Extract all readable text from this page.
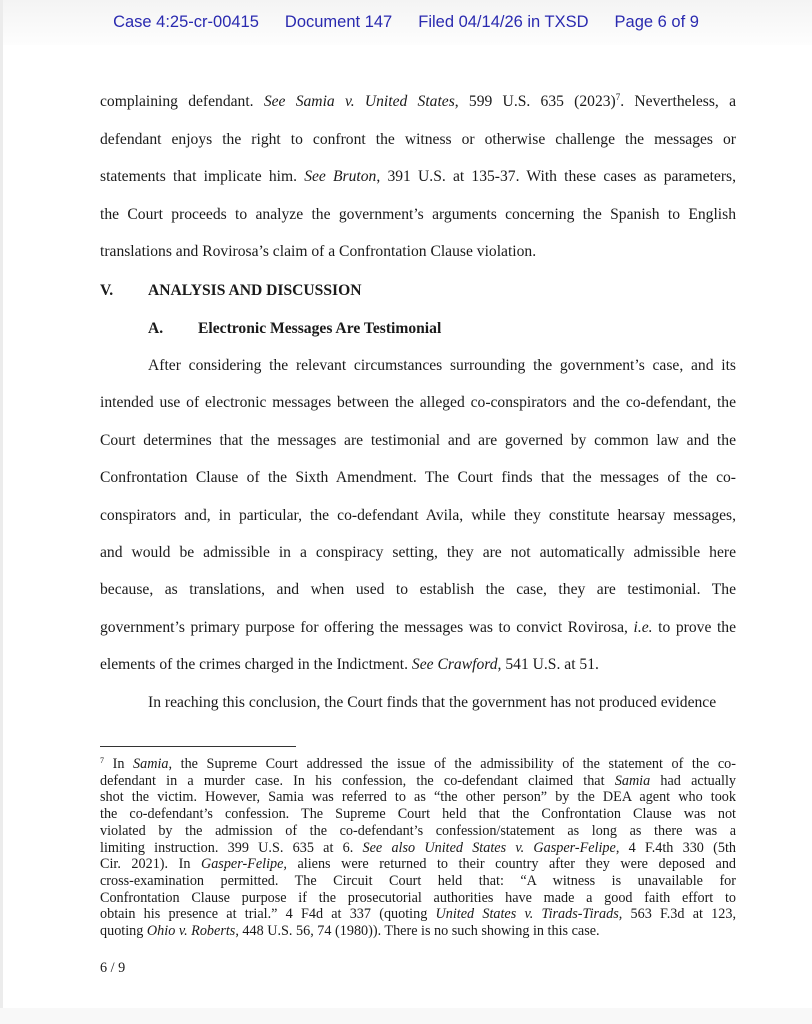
Case 4:25-cr-00415 Document 147 Filed 04/14/26 in TXSD Page 6 of 9
complaining defendant. See Samia v. United States, 599 U.S. 635 $(2023)^7$. Nevertheless, a
defendant enjoys the right to confront the witness or otherwise challenge the messages or
statements that implicate him. See Bruton, 391 U.S. at 135-37. With these cases as parameters,
the Court proceeds to analyze the government’s arguments concerning the Spanish to English
translations and Rovirosa’s claim of a Confrontation Clause violation.
V. ANALYSIS AND DISCUSSION
A. Electronic Messages Are Testimonial
After considering the relevant circumstances surrounding the government’s case, and its
intended use of electronic messages between the alleged co-conspirators and the co-defendant, the
Court determines that the messages are testimonial and are governed by common law and the
Confrontation Clause of the Sixth Amendment. The Court finds that the messages of the co-
conspirators and, in particular, the co-defendant Avila, while they constitute hearsay messages,
and would be admissible in a conspiracy setting, they are not automatically admissible here
because, as translations, and when used to establish the case, they are testimonial. The
government’s primary purpose for offering the messages was to convict Rovirosa, i.e. to prove the
elements of the crimes charged in the Indictment. See Crawford, 541 U.S. at 51.
In reaching this conclusion, the Court finds that the government has not produced evidence
$^7$ In Samia, the Supreme Court addressed the issue of the admissibility of the statement of the co-
defendant in a murder case. In his confession, the co-defendant claimed that Samia had actually
shot the victim. However, Samia was referred to as “the other person” by the DEA agent who took
the co-defendant’s confession. The Supreme Court held that the Confrontation Clause was not
violated by the admission of the co-defendant’s confession/statement as long as there was a
limiting instruction. 399 U.S. 635 at 6. See also United States v. Gasper-Felipe, 4 F.4th 330 (5th
Cir. 2021). In Gasper-Felipe, aliens were returned to their country after they were deposed and
cross-examination permitted. The Circuit Court held that: “A witness is unavailable for
Confrontation Clause purpose if the prosecutorial authorities have made a good faith effort to
obtain his presence at trial.” 4 F4d at 337 (quoting United States v. Tirads-Tirads, 563 F.3d at 123,
quoting Ohio v. Roberts, 448 U.S. 56, 74 (1980)). There is no such showing in this case.
6 / 9
